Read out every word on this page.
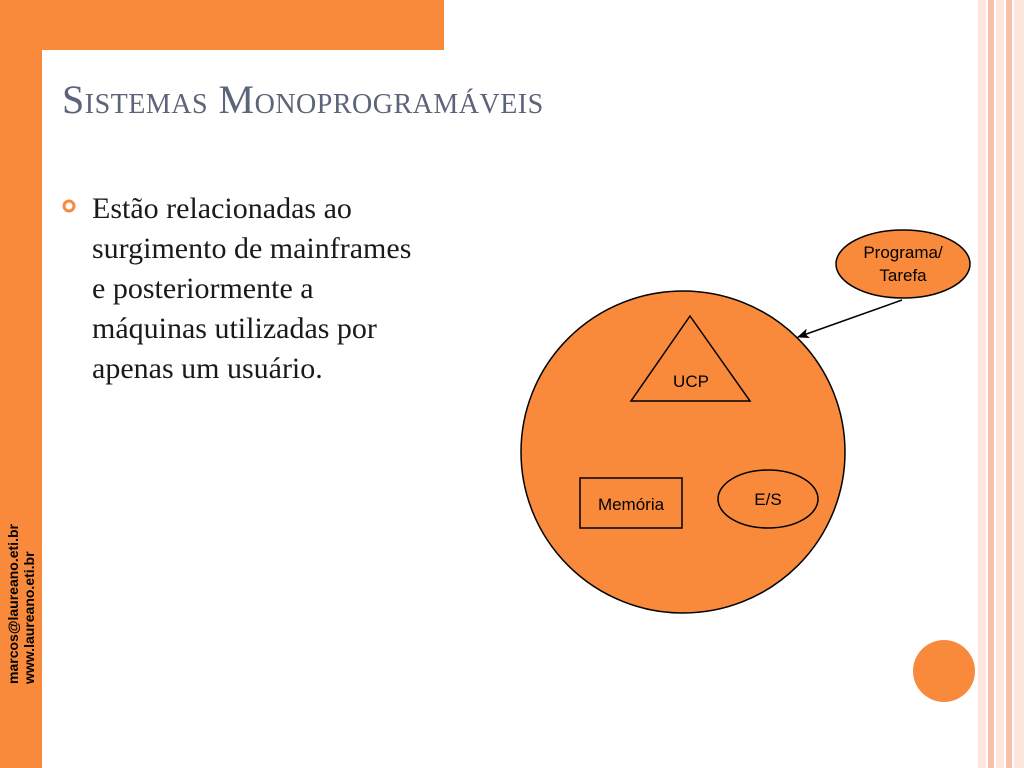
marcos@laureano.eti.br www.laureano.eti.br
Sistemas Monoprogramáveis
Estão relacionadas ao
surgimento de mainframes
e posteriormente a
máquinas utilizadas por
apenas um usuário.	UCP
Memória	E/S
Programa/
Tarefa
